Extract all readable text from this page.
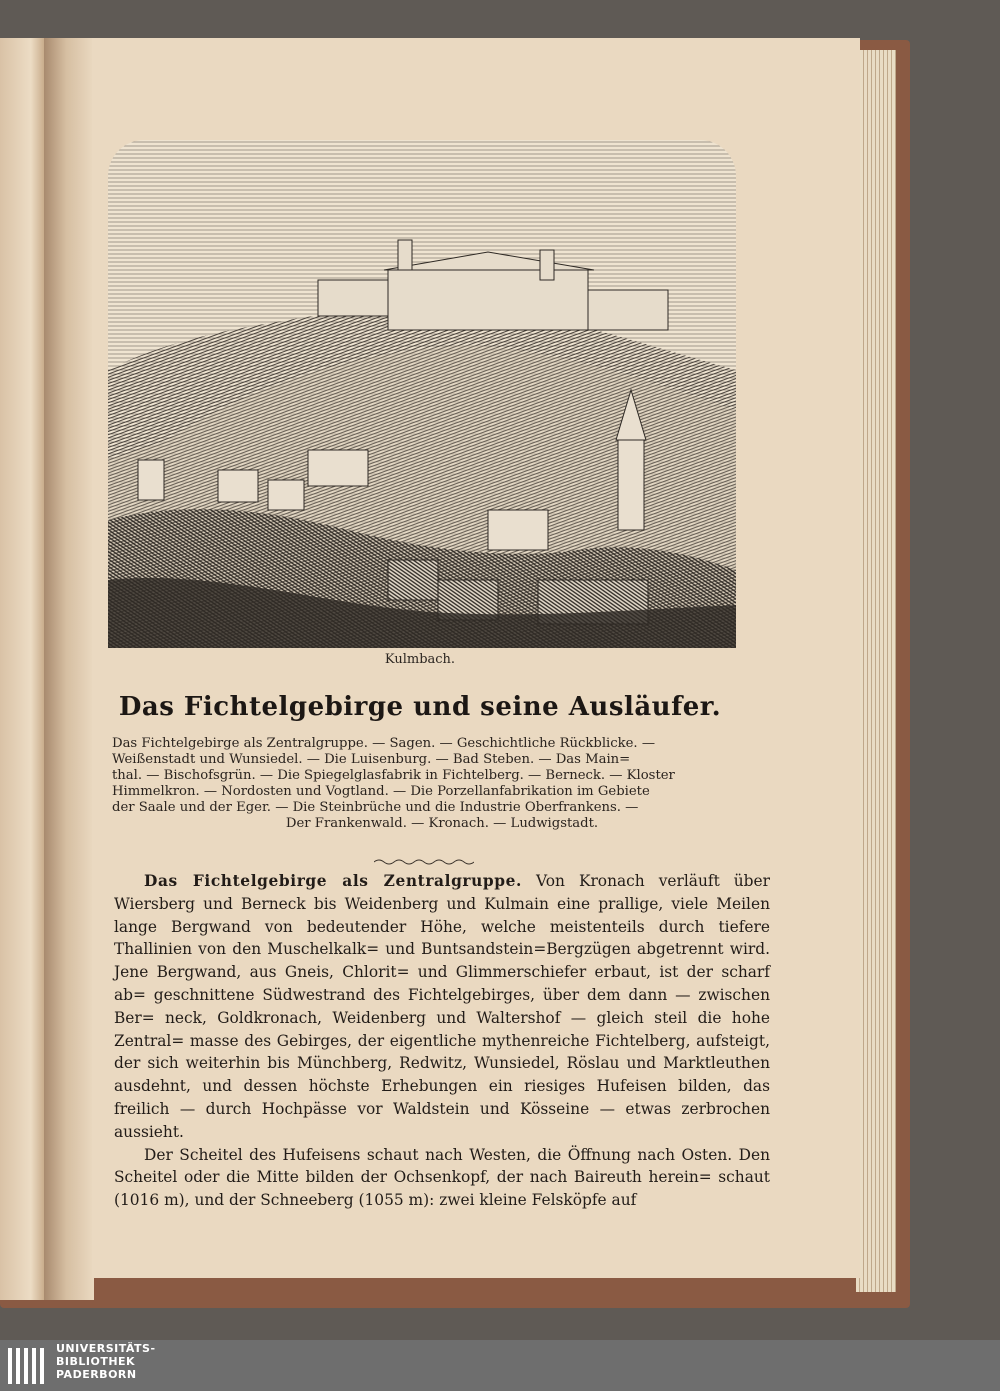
Kulmbach.
Das Fichtelgebirge und seine Ausläufer.
Das Fichtelgebirge als Zentralgruppe. — Sagen. — Geschichtliche Rückblicke. —
Weißenstadt und Wunsiedel. — Die Luisenburg. — Bad Steben. — Das Main=
thal. — Bischofsgrün. — Die Spiegelglasfabrik in Fichtelberg. — Berneck. — Kloster
Himmelkron. — Nordosten und Vogtland. — Die Porzellanfabrikation im Gebiete
der Saale und der Eger. — Die Steinbrüche und die Industrie Oberfrankens. —
Der Frankenwald. — Kronach. — Ludwigstadt.

Das Fichtelgebirge als Zentralgruppe. Von Kronach verläuft über Wiersberg und Berneck bis Weidenberg und Kulmain eine prallige, viele Meilen lange Bergwand von bedeutender Höhe, welche meistenteils durch tiefere Thallinien von den Muschelkalk= und Buntsandstein=Bergzügen abgetrennt wird. Jene Bergwand, aus Gneis, Chlorit= und Glimmerschiefer erbaut, ist der scharf ab= geschnittene Südwestrand des Fichtelgebirges, über dem dann — zwischen Ber= neck, Goldkronach, Weidenberg und Waltershof — gleich steil die hohe Zentral= masse des Gebirges, der eigentliche mythenreiche Fichtelberg, aufsteigt, der sich weiterhin bis Münchberg, Redwitz, Wunsiedel, Röslau und Marktleuthen ausdehnt, und dessen höchste Erhebungen ein riesiges Hufeisen bilden, das freilich — durch Hochpässe vor Waldstein und Kösseine — etwas zerbrochen aussieht.

Der Scheitel des Hufeisens schaut nach Westen, die Öffnung nach Osten. Den Scheitel oder die Mitte bilden der Ochsenkopf, der nach Baireuth herein= schaut (1016 m), und der Schneeberg (1055 m): zwei kleine Felsköpfe auf

UNIVERSITÄTS-
BIBLIOTHEK
PADERBORN
